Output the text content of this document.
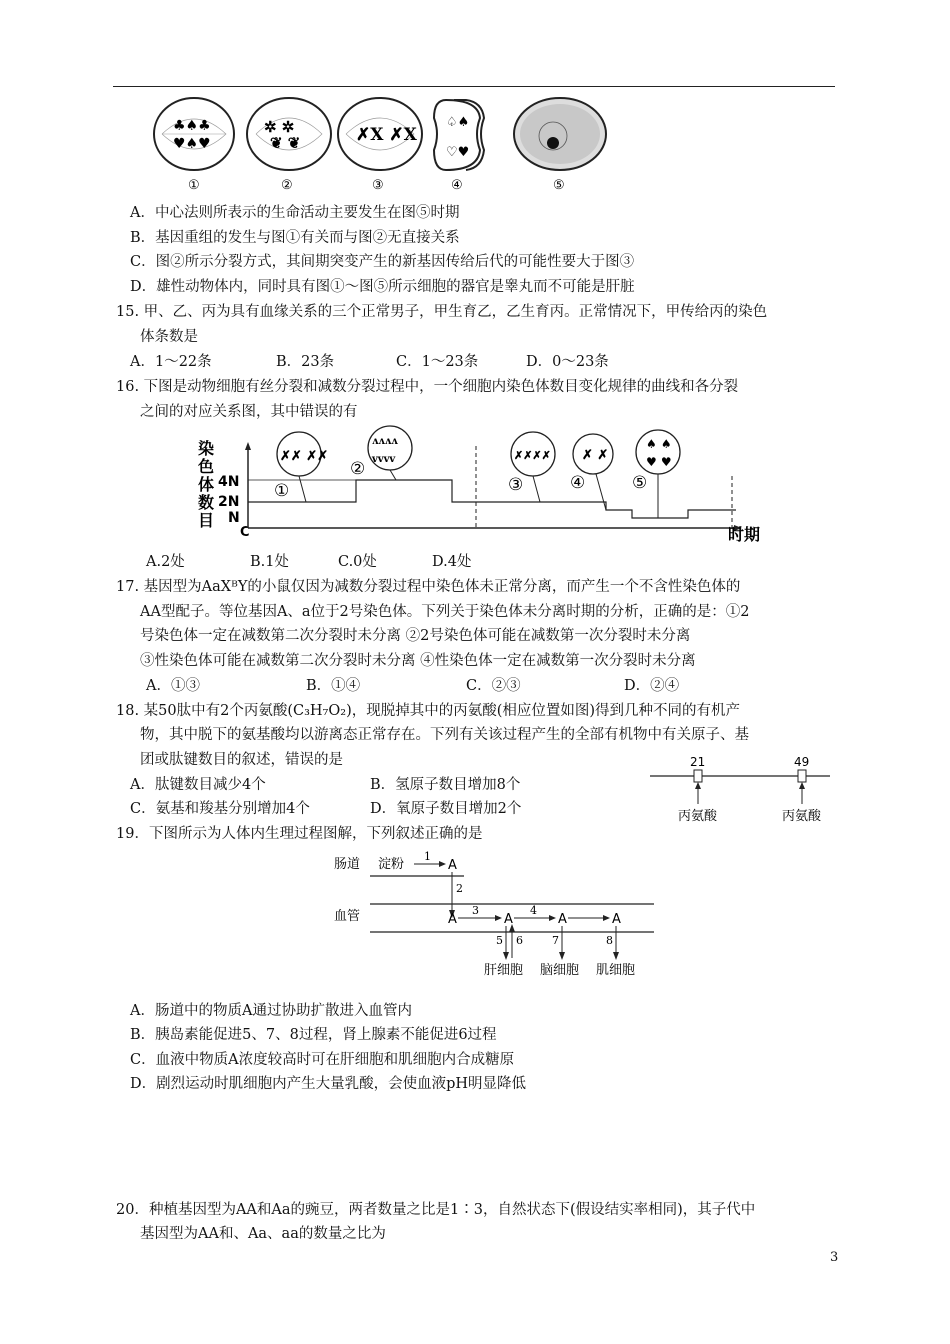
♣♠♣
♥♠♥
✲ ✲
❦ ❦	✗X ✗X
♤♠
♡♥
①	②	③	④	⑤
A．中心法则所表示的生命活动主要发生在图⑤时期
B．基因重组的发生与图①有关而与图②无直接关系
C．图②所示分裂方式，其间期突变产生的新基因传给后代的可能性要大于图③
D．雄性动物体内，同时具有图①～图⑤所示细胞的器官是睾丸而不可能是肝脏
15. 甲、乙、丙为具有血缘关系的三个正常男子，甲生育乙，乙生育丙。正常情况下，甲传给丙的染色
体条数是
A．1～22条	B．23条	C．1～23条	D．0～23条
16. 下图是动物细胞有丝分裂和减数分裂过程中，一个细胞内染色体数目变化规律的曲线和各分裂
之间的对应关系图，其中错误的有
染
色
体
数
目
4N
2N
N
C	时期
✗✗ ✗✗
①
ʌʌʌʌ
vvvv
②
✗✗✗✗
③
✗ ✗
④
♠ ♠
♥ ♥
⑤
A.2处	B.1处	C.0处	D.4处
17. 基因型为AaXᴮY的小鼠仅因为减数分裂过程中染色体未正常分离，而产生一个不含性染色体的
AA型配子。等位基因A、a位于2号染色体。下列关于染色体未分离时期的分析，正确的是：①2
号染色体一定在减数第二次分裂时未分离 ②2号染色体可能在减数第一次分裂时未分离
③性染色体可能在减数第二次分裂时未分离 ④性染色体一定在减数第一次分裂时未分离
A．①③	B．①④	C．②③	D．②④
18. 某50肽中有2个丙氨酸(C₃H₇O₂)，现脱掉其中的丙氨酸(相应位置如图)得到几种不同的有机产
物，其中脱下的氨基酸均以游离态正常存在。下列有关该过程产生的全部有机物中有关原子、基
团或肽键数目的叙述，错误的是
A．肽键数目减少4个	B．氢原子数目增加8个
C．氨基和羧基分别增加4个	D．氧原子数目增加2个
21	49
丙氨酸	丙氨酸
19．下图所示为人体内生理过程图解，下列叙述正确的是
肠道
血管
淀粉
1
A
2
A
3
A
4
A	A
5 6	7	8
肝细胞 脑细胞 肌细胞
A．肠道中的物质A通过协助扩散进入血管内
B．胰岛素能促进5、7、8过程，肾上腺素不能促进6过程
C．血液中物质A浓度较高时可在肝细胞和肌细胞内合成糖原
D．剧烈运动时肌细胞内产生大量乳酸，会使血液pH明显降低
20．种植基因型为AA和Aa的豌豆，两者数量之比是1∶3，自然状态下(假设结实率相同)，其子代中
基因型为AA和、Aa、aa的数量之比为
3
